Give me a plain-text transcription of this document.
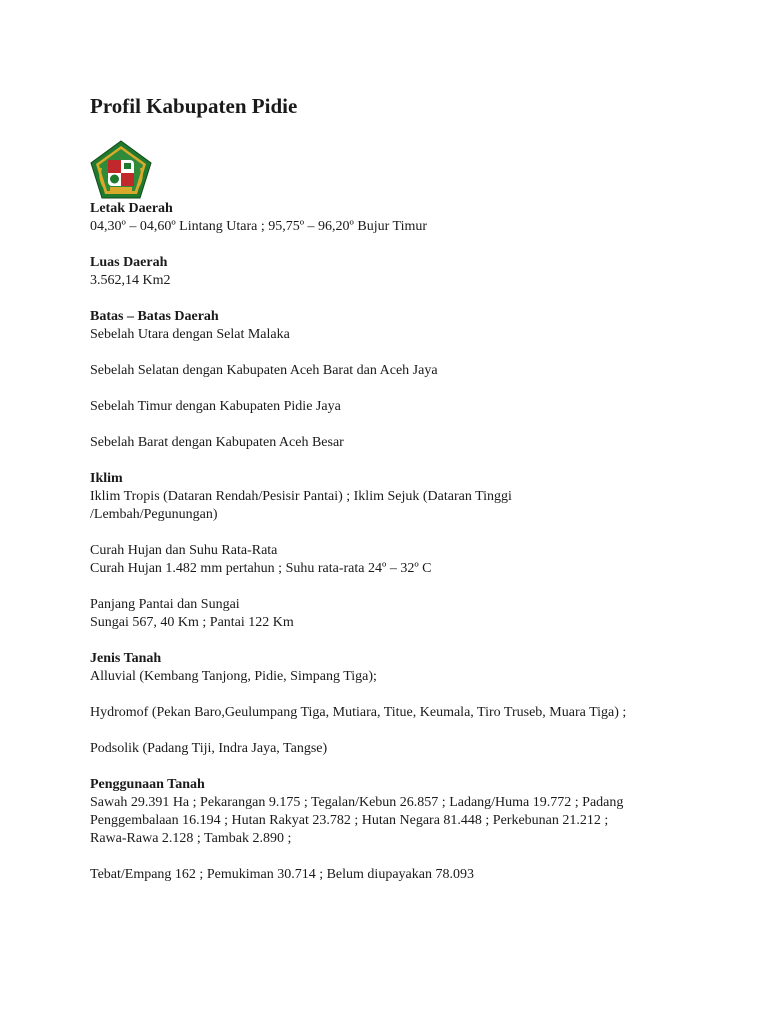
Profil Kabupaten Pidie
Letak Daerah
04,30º – 04,60º Lintang Utara ; 95,75º – 96,20º Bujur Timur
Luas Daerah
3.562,14 Km2
Batas – Batas Daerah
Sebelah Utara dengan Selat Malaka
Sebelah Selatan dengan Kabupaten Aceh Barat dan Aceh Jaya
Sebelah Timur dengan Kabupaten Pidie Jaya
Sebelah Barat dengan Kabupaten Aceh Besar
Iklim
Iklim Tropis (Dataran Rendah/Pesisir Pantai) ; Iklim Sejuk (Dataran Tinggi
/Lembah/Pegunungan)
Curah Hujan dan Suhu Rata-Rata
Curah Hujan 1.482 mm pertahun ; Suhu rata-rata 24º – 32º C
Panjang Pantai dan Sungai
Sungai 567, 40 Km ; Pantai 122 Km
Jenis Tanah
Alluvial (Kembang Tanjong, Pidie, Simpang Tiga);
Hydromof (Pekan Baro,Geulumpang Tiga, Mutiara, Titue, Keumala, Tiro Truseb, Muara Tiga) ;
Podsolik (Padang Tiji, Indra Jaya, Tangse)
Penggunaan Tanah
Sawah 29.391 Ha ; Pekarangan 9.175 ; Tegalan/Kebun 26.857 ; Ladang/Huma 19.772 ; Padang
Penggembalaan 16.194 ; Hutan Rakyat 23.782 ; Hutan Negara 81.448 ; Perkebunan 21.212 ;
Rawa-Rawa 2.128 ; Tambak 2.890 ;
Tebat/Empang 162 ; Pemukiman 30.714 ; Belum diupayakan 78.093
